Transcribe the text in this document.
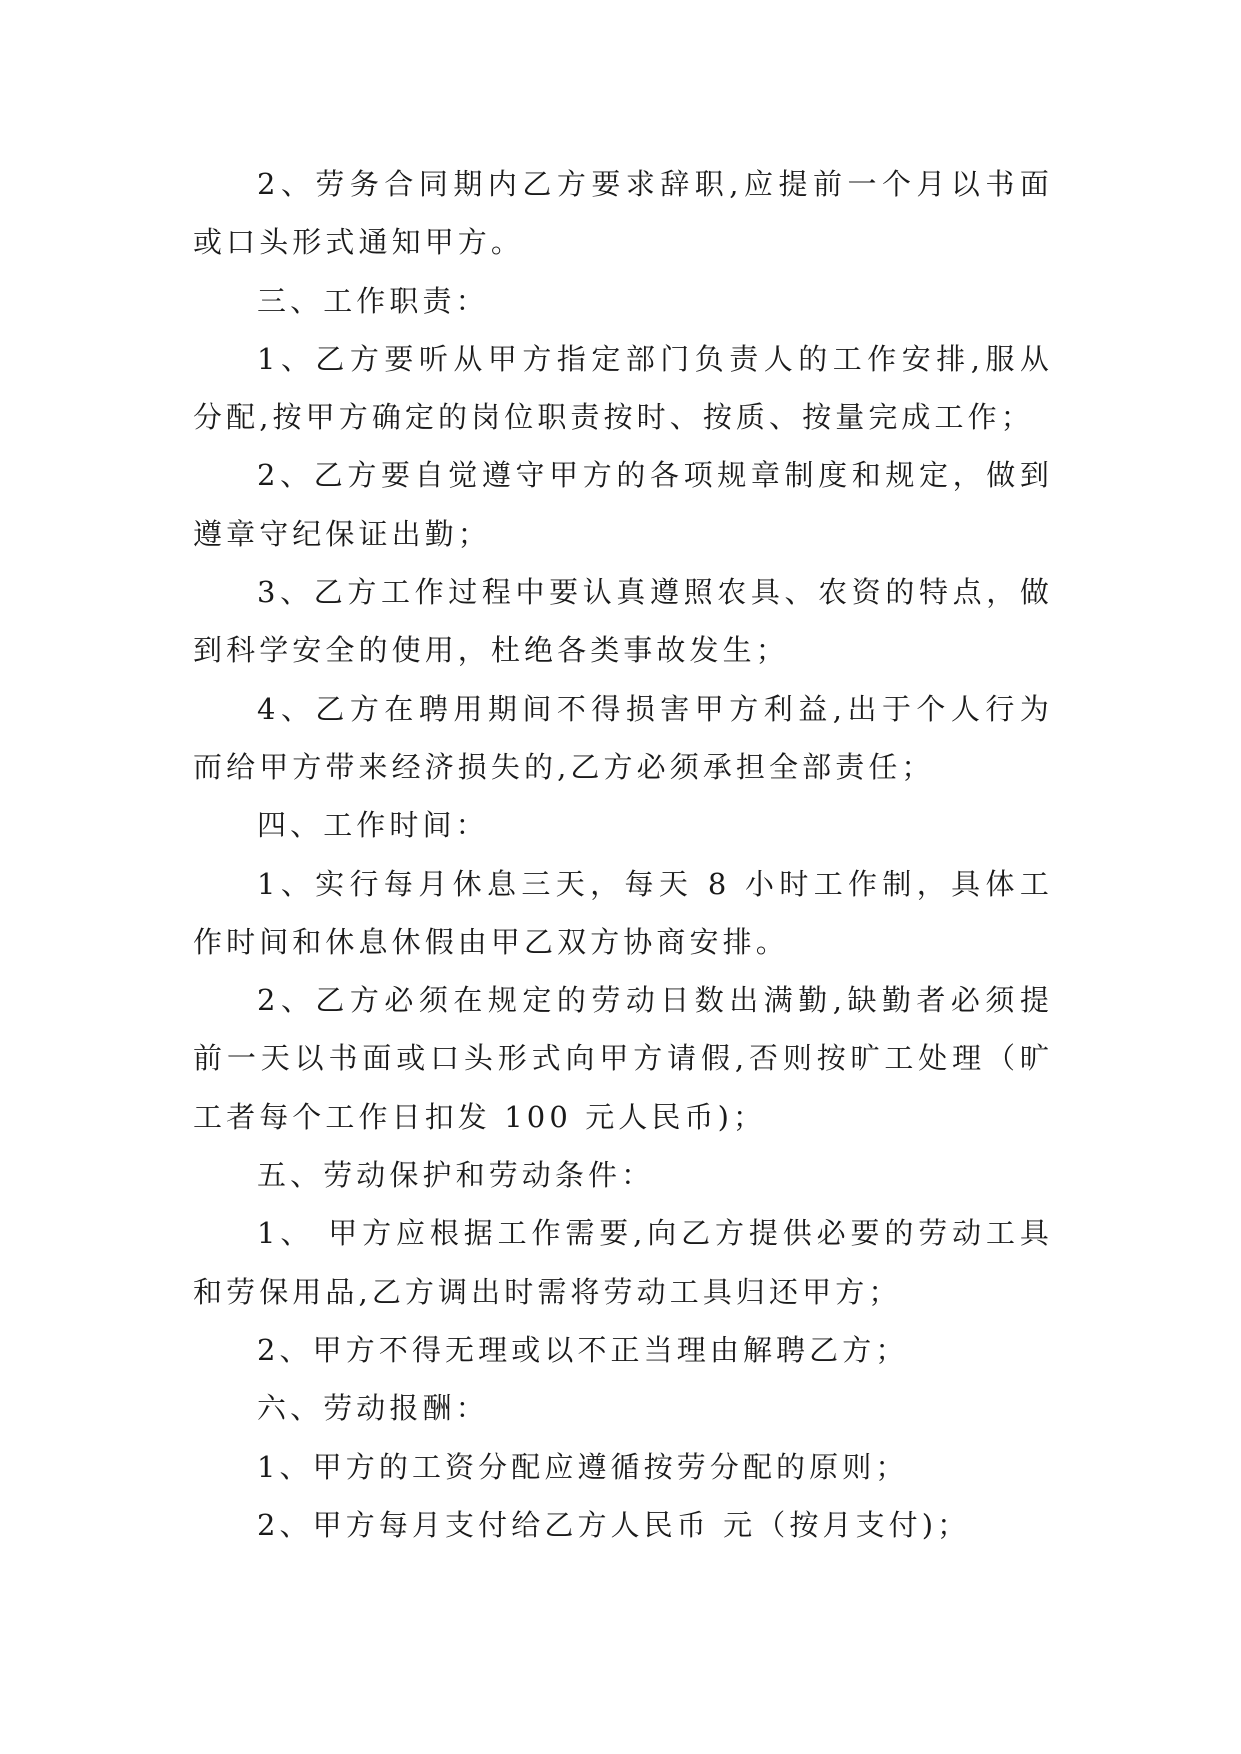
2、劳务合同期内乙方要求辞职,应提前一个月以书面或口头形式通知甲方。

三、工作职责：

1、乙方要听从甲方指定部门负责人的工作安排,服从分配,按甲方确定的岗位职责按时、按质、按量完成工作；

2、乙方要自觉遵守甲方的各项规章制度和规定，做到遵章守纪保证出勤；

3、乙方工作过程中要认真遵照农具、农资的特点，做到科学安全的使用，杜绝各类事故发生；

4、乙方在聘用期间不得损害甲方利益,出于个人行为而给甲方带来经济损失的,乙方必须承担全部责任；

四、工作时间：

1、实行每月休息三天，每天 8 小时工作制，具体工作时间和休息休假由甲乙双方协商安排。

2、乙方必须在规定的劳动日数出满勤,缺勤者必须提前一天以书面或口头形式向甲方请假,否则按旷工处理（旷工者每个工作日扣发 100 元人民币)；

五、劳动保护和劳动条件：

1、 甲方应根据工作需要,向乙方提供必要的劳动工具和劳保用品,乙方调出时需将劳动工具归还甲方；

2、甲方不得无理或以不正当理由解聘乙方；

六、劳动报酬：

1、甲方的工资分配应遵循按劳分配的原则；

2、甲方每月支付给乙方人民币 元（按月支付)；
